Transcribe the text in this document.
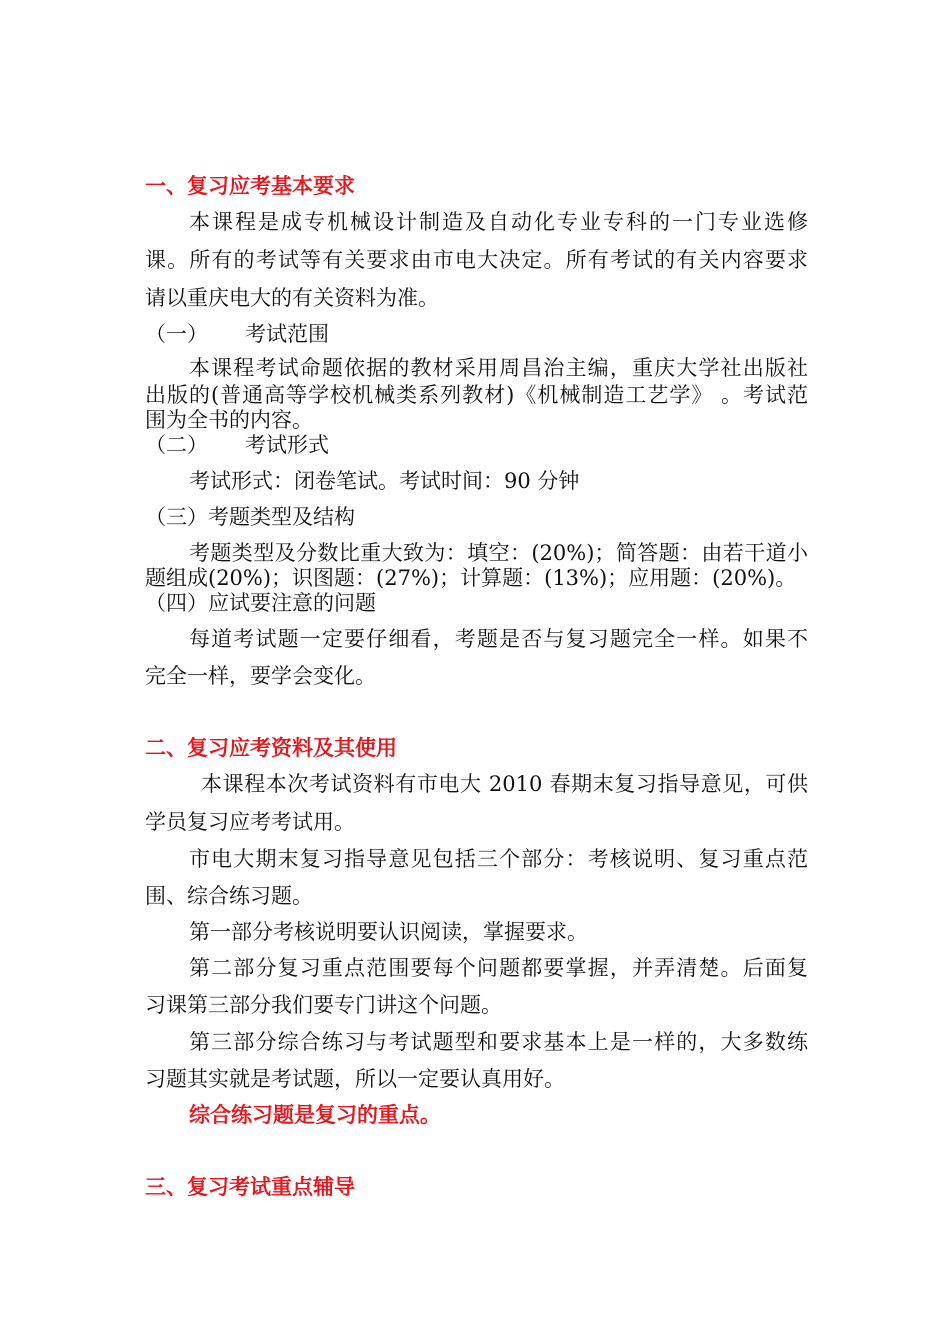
一、复习应考基本要求
本课程是成专机械设计制造及自动化专业专科的一门专业选修
课。所有的考试等有关要求由市电大决定。所有考试的有关内容要求
请以重庆电大的有关资料为准。
（一） 考试范围
本课程考试命题依据的教材采用周昌治主编，重庆大学社出版社
出版的(普通高等学校机械类系列教材)《机械制造工艺学》 。考试范
围为全书的内容。
（二） 考试形式
考试形式：闭卷笔试。考试时间：90 分钟
（三）考题类型及结构
考题类型及分数比重大致为：填空：(20%)；简答题：由若干道小
题组成(20%)；识图题：(27%)；计算题：(13%)；应用题：(20%)。
（四）应试要注意的问题
每道考试题一定要仔细看，考题是否与复习题完全一样。如果不
完全一样，要学会变化。
二、复习应考资料及其使用
本课程本次考试资料有市电大 2010 春期末复习指导意见，可供
学员复习应考考试用。
市电大期末复习指导意见包括三个部分：考核说明、复习重点范
围、综合练习题。
第一部分考核说明要认识阅读，掌握要求。
第二部分复习重点范围要每个问题都要掌握，并弄清楚。后面复
习课第三部分我们要专门讲这个问题。
第三部分综合练习与考试题型和要求基本上是一样的，大多数练
习题其实就是考试题，所以一定要认真用好。
综合练习题是复习的重点。
三、复习考试重点辅导
